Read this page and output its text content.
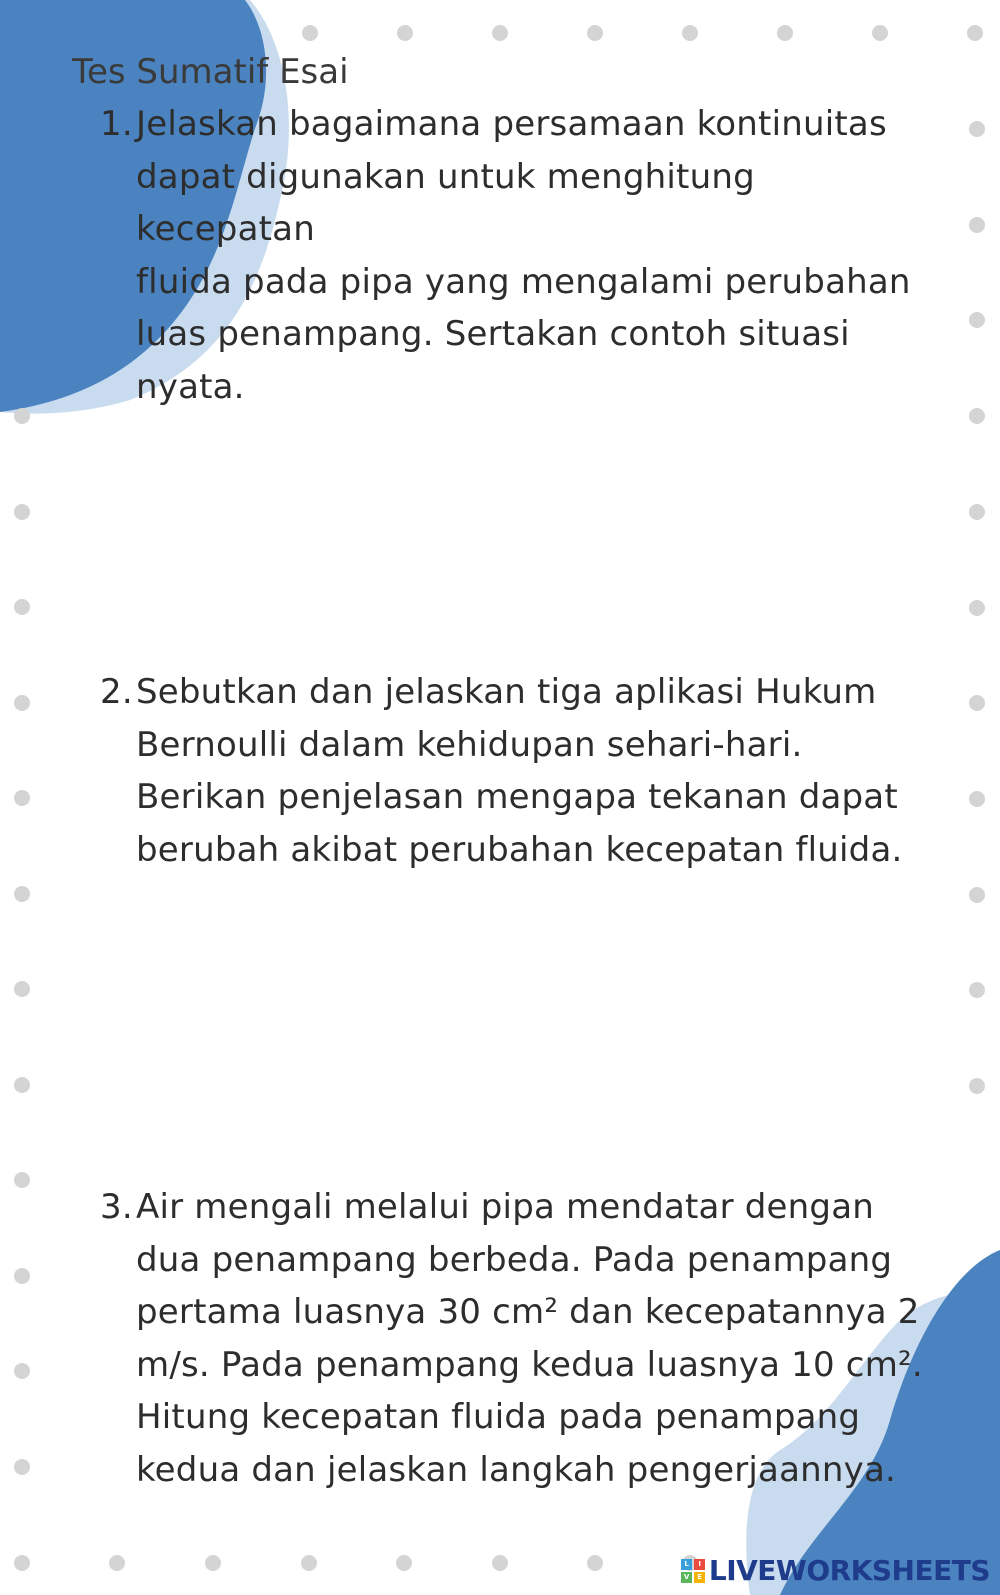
Tes Sumatif Esai
1. Jelaskan bagaimana persamaan kontinuitas
dapat digunakan untuk menghitung kecepatan
fluida pada pipa yang mengalami perubahan
luas penampang. Sertakan contoh situasi
nyata.
2. Sebutkan dan jelaskan tiga aplikasi Hukum
Bernoulli dalam kehidupan sehari-hari.
Berikan penjelasan mengapa tekanan dapat
berubah akibat perubahan kecepatan fluida.
3. Air mengali melalui pipa mendatar dengan
dua penampang berbeda. Pada penampang
pertama luasnya 30 cm² dan kecepatannya 2
m/s. Pada penampang kedua luasnya 10 cm².
Hitung kecepatan fluida pada penampang
kedua dan jelaskan langkah pengerjaannya.
L	I
V	E LIVEWORKSHEETS
